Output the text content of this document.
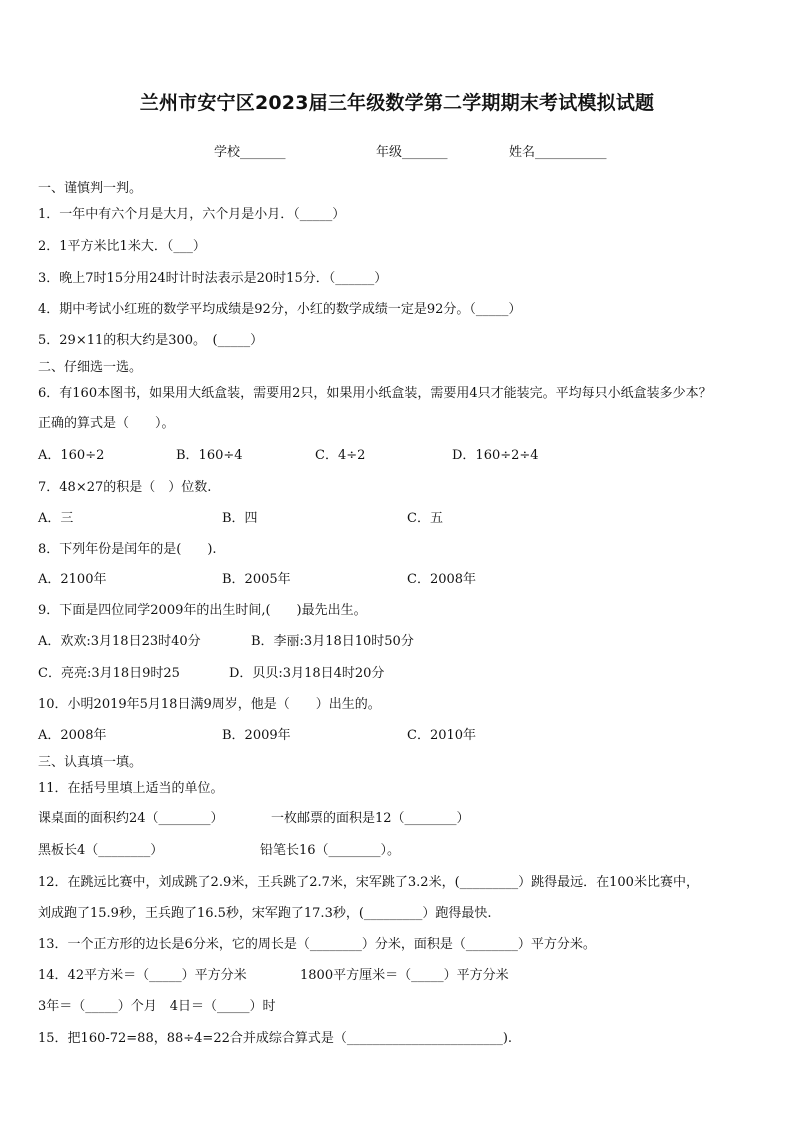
兰州市安宁区2023届三年级数学第二学期期末考试模拟试题
学校_______	年级_______	姓名___________
一、谨慎判一判。
1．一年中有六个月是大月，六个月是小月．（_____）
2．1平方米比1米大．（___）
3．晚上7时15分用24时计时法表示是20时15分．（______）
4．期中考试小红班的数学平均成绩是92分，小红的数学成绩一定是92分。（_____）
5．29×11的积大约是300。　(_____）
二、仔细选一选。
6．有160本图书，如果用大纸盒装，需要用2只，如果用小纸盒装，需要用4只才能装完。平均每只小纸盒装多少本？
正确的算式是（　　）。
A．160÷2	B．160÷4	C．4÷2	D．160÷2÷4
7．48×27的积是（　）位数.
A．三	B．四	C．五
8．下列年份是闰年的是(　　).
A．2100年	B．2005年	C．2008年
9．下面是四位同学2009年的出生时间,(　　)最先出生。
A．欢欢:3月18日23时40分	B．李丽:3月18日10时50分
C．亮亮:3月18日9时25	D．贝贝:3月18日4时20分
10．小明2019年5月18日满9周岁，他是（　　）出生的。
A．2008年	B．2009年	C．2010年
三、认真填一填。
11．在括号里填上适当的单位。
课桌面的面积约24（________）	一枚邮票的面积是12（________）
黑板长4（________）	铅笔长16（________）。
12．在跳远比赛中，刘成跳了2.9米，王兵跳了2.7米，宋军跳了3.2米，(_________）跳得最远．在100米比赛中，
刘成跑了15.9秒，王兵跑了16.5秒，宋军跑了17.3秒，(_________）跑得最快.
13．一个正方形的边长是6分米，它的周长是（________）分米，面积是（________）平方分米。
14．42平方米＝（_____）平方分米	1800平方厘米＝（_____）平方分米
3年＝（_____）个月　4日＝（_____）时
15．把160-72=88，88÷4=22合并成综合算式是（________________________).
